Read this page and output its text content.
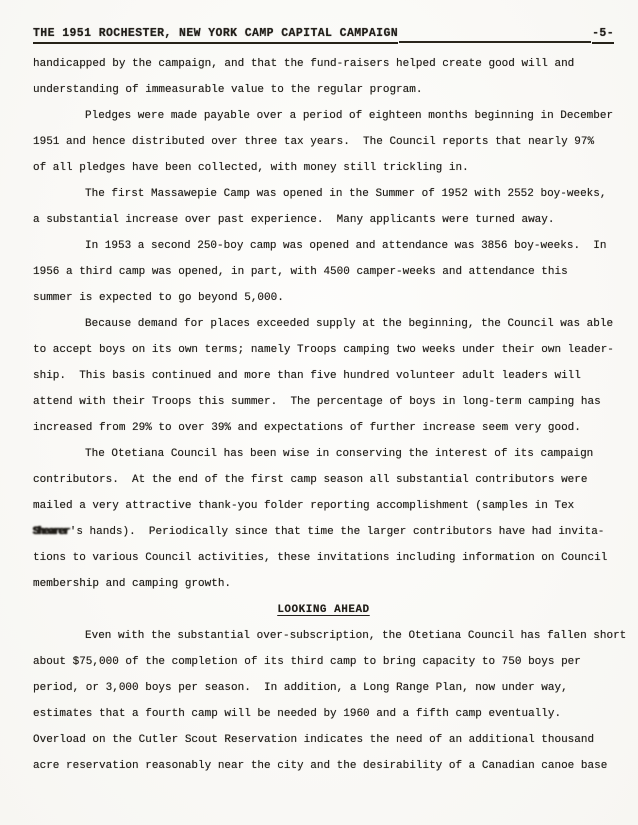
THE 1951 ROCHESTER, NEW YORK CAMP CAPITAL CAMPAIGN	-5-
handicapped by the campaign, and that the fund-raisers helped create good will and
understanding of immeasurable value to the regular program.
Pledges were made payable over a period of eighteen months beginning in December
1951 and hence distributed over three tax years.  The Council reports that nearly 97%
of all pledges have been collected, with money still trickling in.
The first Massawepie Camp was opened in the Summer of 1952 with 2552 boy-weeks,
a substantial increase over past experience.  Many applicants were turned away.
In 1953 a second 250-boy camp was opened and attendance was 3856 boy-weeks.  In
1956 a third camp was opened, in part, with 4500 camper-weeks and attendance this
summer is expected to go beyond 5,000.
Because demand for places exceeded supply at the beginning, the Council was able
to accept boys on its own terms; namely Troops camping two weeks under their own leader-
ship.  This basis continued and more than five hundred volunteer adult leaders will
attend with their Troops this summer.  The percentage of boys in long-term camping has
increased from 29% to over 39% and expectations of further increase seem very good.
The Otetiana Council has been wise in conserving the interest of its campaign
contributors.  At the end of the first camp season all substantial contributors were
mailed a very attractive thank-you folder reporting accomplishment (samples in Tex
Shearer's hands).  Periodically since that time the larger contributors have had invita-
tions to various Council activities, these invitations including information on Council
membership and camping growth.
LOOKING AHEAD
Even with the substantial over-subscription, the Otetiana Council has fallen short
about $75,000 of the completion of its third camp to bring capacity to 750 boys per
period, or 3,000 boys per season.  In addition, a Long Range Plan, now under way,
estimates that a fourth camp will be needed by 1960 and a fifth camp eventually.
Overload on the Cutler Scout Reservation indicates the need of an additional thousand
acre reservation reasonably near the city and the desirability of a Canadian canoe base
